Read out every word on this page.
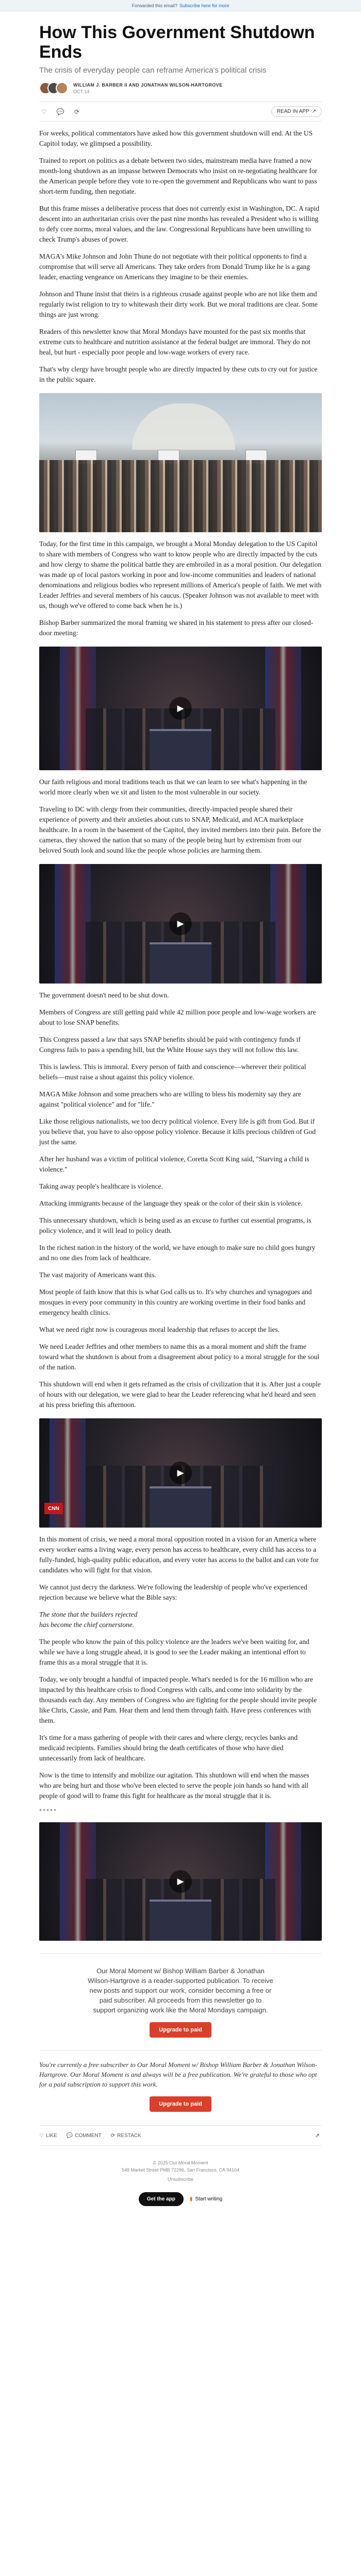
Forwarded this email? Subscribe here for more
How This Government Shutdown Ends
The crisis of everyday people can reframe America's political crisis
WILLIAM J. BARBER II AND JONATHAN WILSON-HARTGROVE
OCT 14
♡	💬	⟳	READ IN APP ↗

For weeks, political commentators have asked how this government shutdown will end. At the US Capitol today, we glimpsed a possibility.

Trained to report on politics as a debate between two sides, mainstream media have framed a now month-long shutdown as an impasse between Democrats who insist on re-negotiating healthcare for the American people before they vote to re-open the government and Republicans who want to pass short-term funding, then negotiate.

But this frame misses a deliberative process that does not currently exist in Washington, DC. A rapid descent into an authoritarian crisis over the past nine months has revealed a President who is willing to defy core norms, moral values, and the law. Congressional Republicans have been unwilling to check Trump's abuses of power.

MAGA's Mike Johnson and John Thune do not negotiate with their political opponents to find a compromise that will serve all Americans. They take orders from Donald Trump like he is a gang leader, enacting vengeance on Americans they imagine to be their enemies.

Johnson and Thune insist that theirs is a righteous crusade against people who are not like them and regularly twist religion to try to whitewash their dirty work. But we moral traditions are clear. Some things are just wrong.

Readers of this newsletter know that Moral Mondays have mounted for the past six months that extreme cuts to healthcare and nutrition assistance at the federal budget are immoral. They do not heal, but hurt - especially poor people and low-wage workers of every race.

That's why clergy have brought people who are directly impacted by these cuts to cry out for justice in the public square.

Today, for the first time in this campaign, we brought a Moral Monday delegation to the US Capitol to share with members of Congress who want to know people who are directly impacted by the cuts and how clergy to shame the political battle they are embroiled in as a moral position. Our delegation was made up of local pastors working in poor and low-income communities and leaders of national denominations and religious bodies who represent millions of America's people of faith. We met with Leader Jeffries and several members of his caucus. (Speaker Johnson was not available to meet with us, though we've offered to come back when he is.)

Bishop Barber summarized the moral framing we shared in his statement to press after our closed-door meeting:

▶

Our faith religious and moral traditions teach us that we can learn to see what's happening in the world more clearly when we sit and listen to the most vulnerable in our society.

Traveling to DC with clergy from their communities, directly-impacted people shared their experience of poverty and their anxieties about cuts to SNAP, Medicaid, and ACA marketplace healthcare. In a room in the basement of the Capitol, they invited members into their pain. Before the cameras, they showed the nation that so many of the people being hurt by extremism from our beloved South look and sound like the people whose policies are harming them.

▶

The government doesn't need to be shut down.

Members of Congress are still getting paid while 42 million poor people and low-wage workers are about to lose SNAP benefits.

This Congress passed a law that says SNAP benefits should be paid with contingency funds if Congress fails to pass a spending bill, but the White House says they will not follow this law.

This is lawless. This is immoral. Every person of faith and conscience—wherever their political beliefs—must raise a shout against this policy violence.

MAGA Mike Johnson and some preachers who are willing to bless his modernity say they are against "political violence" and for "life."

Like those religious nationalists, we too decry political violence. Every life is gift from God. But if you believe that, you have to also oppose policy violence. Because it kills precious children of God just the same.

After her husband was a victim of political violence, Coretta Scott King said, "Starving a child is violence."

Taking away people's healthcare is violence.

Attacking immigrants because of the language they speak or the color of their skin is violence.

This unnecessary shutdown, which is being used as an excuse to further cut essential programs, is policy violence, and it will lead to policy death.

In the richest nation in the history of the world, we have enough to make sure no child goes hungry and no one dies from lack of healthcare.

The vast majority of Americans want this.

Most people of faith know that this is what God calls us to. It's why churches and synagogues and mosques in every poor community in this country are working overtime in their food banks and emergency health clinics.

What we need right now is courageous moral leadership that refuses to accept the lies.

We need Leader Jeffries and other members to name this as a moral moment and shift the frame toward what the shutdown is about from a disagreement about policy to a moral struggle for the soul of the nation.

This shutdown will end when it gets reframed as the crisis of civilization that it is. After just a couple of hours with our delegation, we were glad to hear the Leader referencing what he'd heard and seen at his press briefing this afternoon.

CNN
▶

In this moment of crisis, we need a moral moral opposition rooted in a vision for an America where every worker earns a living wage, every person has access to healthcare, every child has access to a fully-funded, high-quality public education, and every voter has access to the ballot and can vote for candidates who will fight for that vision.

We cannot just decry the darkness. We're following the leadership of people who've experienced rejection because we believe what the Bible says:

The stone that the builders rejected

has become the chief cornerstone.

The people who know the pain of this policy violence are the leaders we've been waiting for, and while we have a long struggle ahead, it is good to see the Leader making an intentional effort to frame this as a moral struggle that it is.

Today, we only brought a handful of impacted people. What's needed is for the 16 million who are impacted by this healthcare crisis to flood Congress with calls, and come into solidarity by the thousands each day. Any members of Congress who are fighting for the people should invite people like Chris, Cassie, and Pam. Hear them and lend them through faith. Have press conferences with them.

It's time for a mass gathering of people with their cares and where clergy, recycles banks and medicaid recipients. Families should bring the death certificates of those who have died unnecessarily from lack of healthcare.

Now is the time to intensify and mobilize our agitation. This shutdown will end when the masses who are being hurt and those who've been elected to serve the people join hands so hand with all people of good will to frame this fight for healthcare as the moral struggle that it is.

*****
▶

Our Moral Moment w/ Bishop William Barber & Jonathan Wilson-Hartgrove is a reader-supported publication. To receive new posts and support our work, consider becoming a free or paid subscriber. All proceeds from this newsletter go to support organizing work like the Moral Mondays campaign.

Upgrade to paid

You're currently a free subscriber to Our Moral Moment w/ Bishop William Barber & Jonathan Wilson-Hartgrove. Our Moral Moment is and always will be a free publication. We're grateful to those who opt for a paid subscription to support this work.

Upgrade to paid
♡ LIKE 💬 COMMENT ⟳ RESTACK	↗
© 2025 Our Moral Moment
548 Market Street PMB 72296, San Francisco, CA 94104
Unsubscribe
Get the app	▮ Start writing
